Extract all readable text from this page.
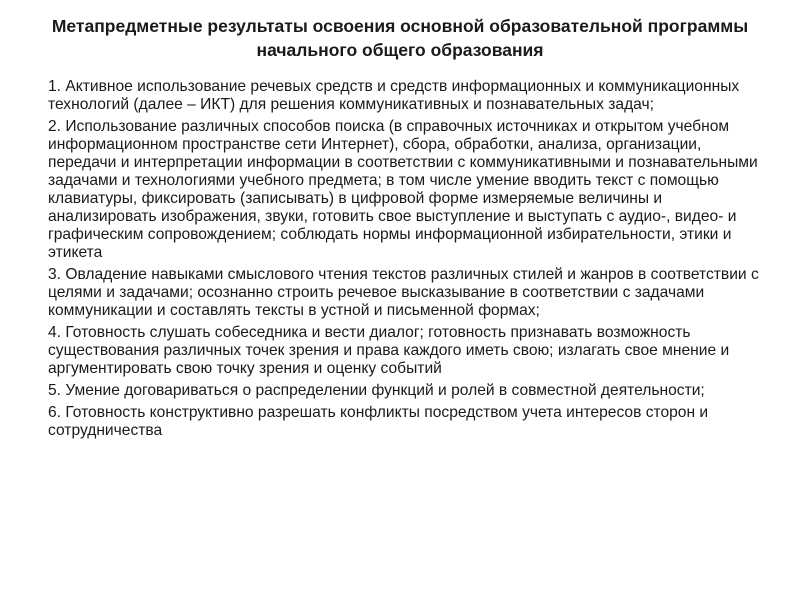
Метапредметные результаты освоения основной образовательной программы начального общего образования
1. Активное использование речевых средств и средств информационных и коммуникационных технологий (далее – ИКТ) для решения коммуникативных и познавательных задач;
2. Использование различных способов поиска (в справочных источниках и открытом учебном информационном пространстве сети Интернет), сбора, обработки, анализа, организации, передачи и интерпретации информации в соответствии с коммуникативными и познавательными задачами и технологиями учебного предмета; в том числе умение вводить текст с помощью клавиатуры, фиксировать (записывать) в цифровой форме измеряемые величины и анализировать изображения, звуки, готовить свое выступление и выступать с аудио-, видео- и графическим сопровождением; соблюдать нормы информационной избирательности, этики и этикета
3. Овладение навыками смыслового чтения текстов различных стилей и жанров в соответствии с целями и задачами; осознанно строить речевое высказывание в соответствии с задачами коммуникации и составлять тексты в устной и письменной формах;
4. Готовность слушать собеседника и вести диалог; готовность признавать возможность существования различных точек зрения и права каждого иметь свою; излагать свое мнение и аргументировать свою точку зрения и оценку событий
5. Умение договариваться о распределении функций и ролей в совместной деятельности;
6. Готовность конструктивно разрешать конфликты посредством учета интересов сторон и сотрудничества
